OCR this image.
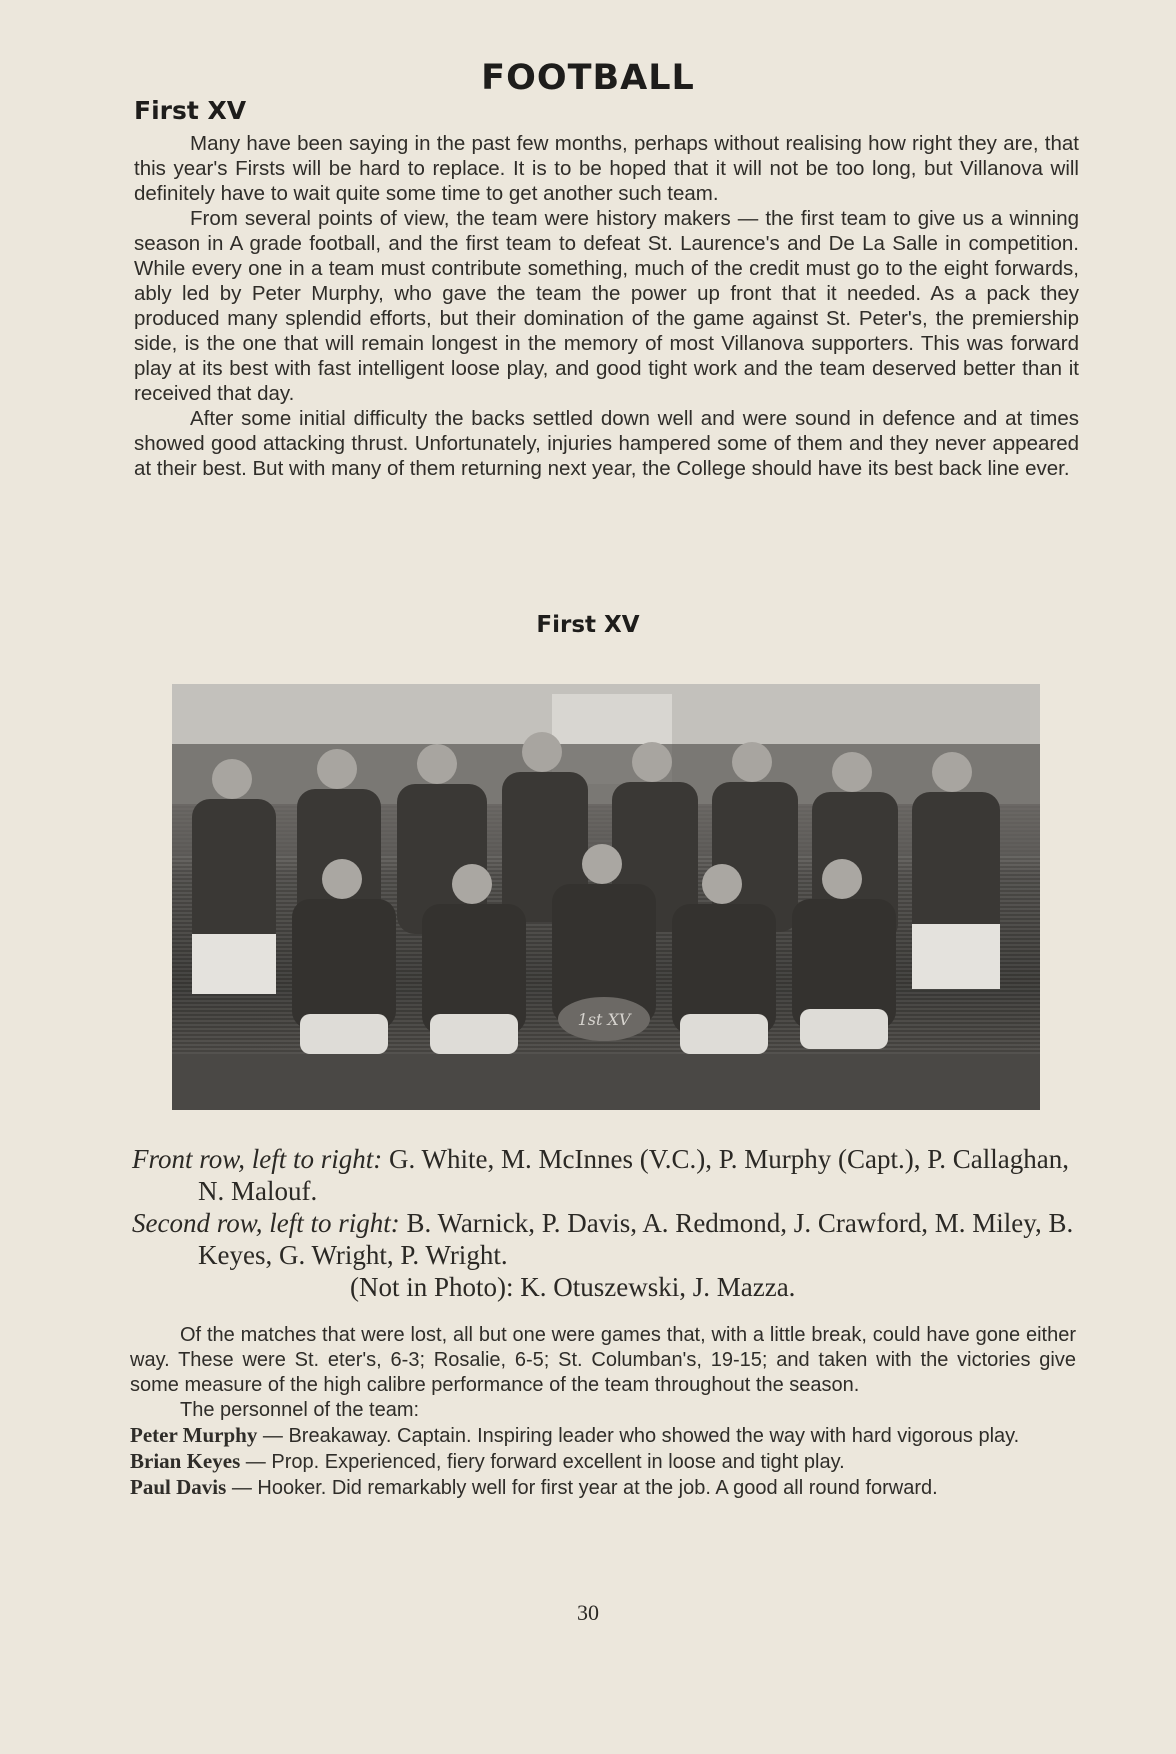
FOOTBALL
First XV

Many have been saying in the past few months, perhaps without realising how right they are, that this year's Firsts will be hard to replace. It is to be hoped that it will not be too long, but Villanova will definitely have to wait quite some time to get another such team.

From several points of view, the team were history makers — the first team to give us a winning season in A grade football, and the first team to defeat St. Laurence's and De La Salle in competition. While every one in a team must contribute something, much of the credit must go to the eight forwards, ably led by Peter Murphy, who gave the team the power up front that it needed. As a pack they produced many splendid efforts, but their domination of the game against St. Peter's, the premiership side, is the one that will remain longest in the memory of most Villanova supporters. This was forward play at its best with fast intelligent loose play, and good tight work and the team deserved better than it received that day.

After some initial difficulty the backs settled down well and were sound in defence and at times showed good attacking thrust. Unfortunately, injuries hampered some of them and they never appeared at their best. But with many of them returning next year, the College should have its best back line ever.

First XV
1st XV

Front row, left to right: G. White, M. McInnes (V.C.), P. Murphy (Capt.), P. Callaghan, N. Malouf.

Second row, left to right: B. Warnick, P. Davis, A. Redmond, J. Crawford, M. Miley, B. Keyes, G. Wright, P. Wright.

(Not in Photo): K. Otuszewski, J. Mazza.

Of the matches that were lost, all but one were games that, with a little break, could have gone either way. These were St. eter's, 6-3; Rosalie, 6-5; St. Columban's, 19-15; and taken with the victories give some measure of the high calibre performance of the team throughout the season.

The personnel of the team:

Peter Murphy — Breakaway. Captain. Inspiring leader who showed the way with hard vigorous play.

Brian Keyes — Prop. Experienced, fiery forward excellent in loose and tight play.

Paul Davis — Hooker. Did remarkably well for first year at the job. A good all round forward.

30
